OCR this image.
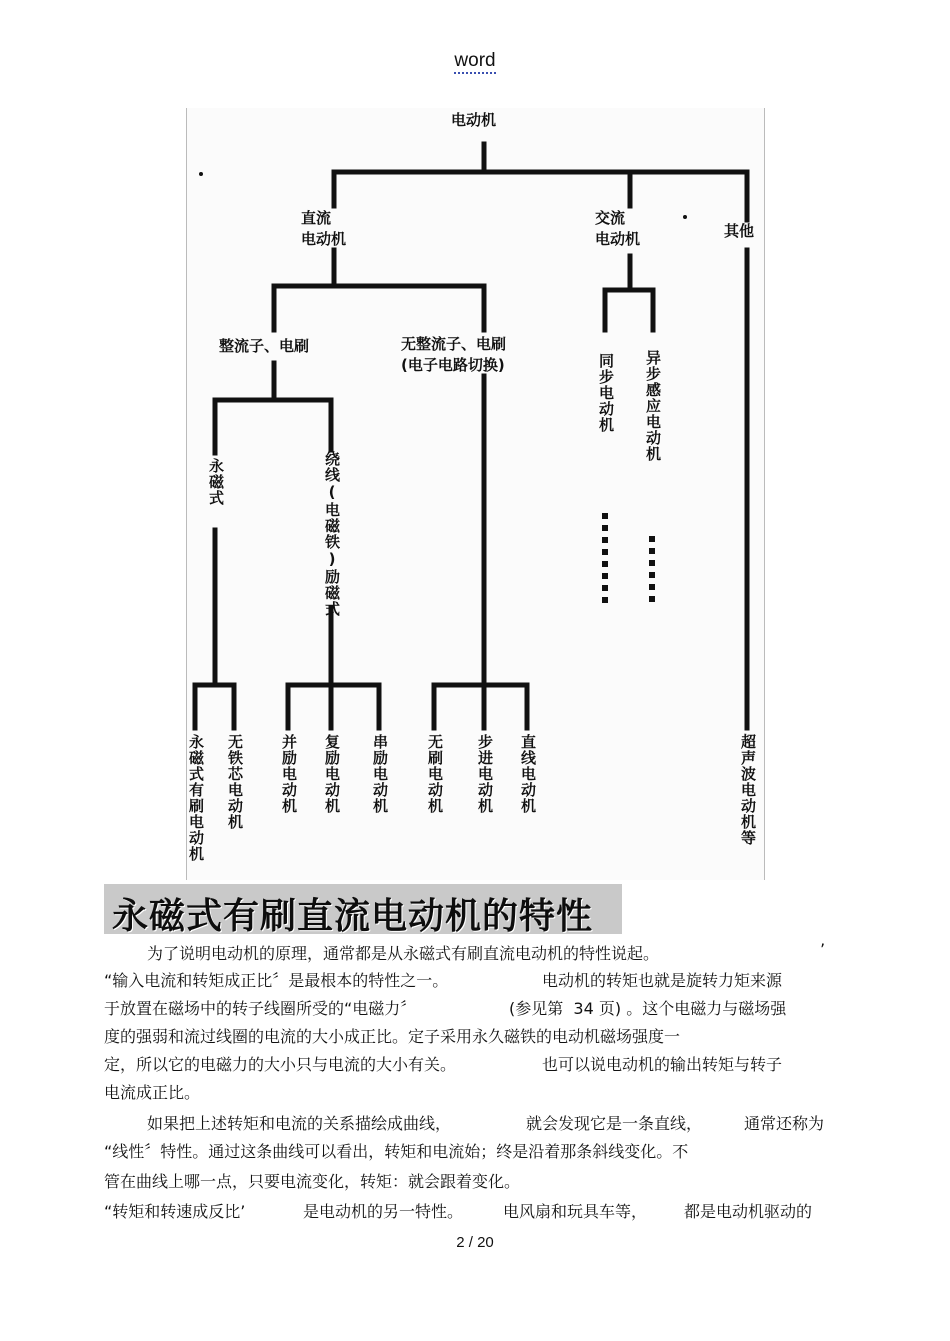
word
电动机
直流
电动机
交流
电动机	其他
整流子、电刷	无整流子、电刷
(电子电路切换)	同步电动机 异步感应电动机
永磁式	绕线(电磁铁)励磁式
永磁式有刷电动机 无铁芯电动机 并励电动机 复励电动机 串励电动机 无刷电动机 步进电动机 直线电动机	超声波电动机等
永磁式有刷直流电动机的特性
为了说明电动机的原理，通常都是从永磁式有刷直流电动机的特性说起。	’
“输入电流和转矩成正比〞是最根本的特性之一。	电动机的转矩也就是旋转力矩来源
于放置在磁场中的转子线圈所受的“电磁力〞	(参见第  34 页) 。这个电磁力与磁场强
度的强弱和流过线圈的电流的大小成正比。定子采用永久磁铁的电动机磁场强度一
定，所以它的电磁力的大小只与电流的大小有关。	也可以说电动机的输出转矩与转子
电流成正比。
如果把上述转矩和电流的关系描绘成曲线，	就会发现它是一条直线，	通常还称为
“线性〞特性。通过这条曲线可以看出，转矩和电流始；终是沿着那条斜线变化。不
管在曲线上哪一点，只要电流变化，转矩：就会跟着变化。
“转矩和转速成反比’	是电动机的另一特性。 电风扇和玩具车等， 都是电动机驱动的
2 / 20
